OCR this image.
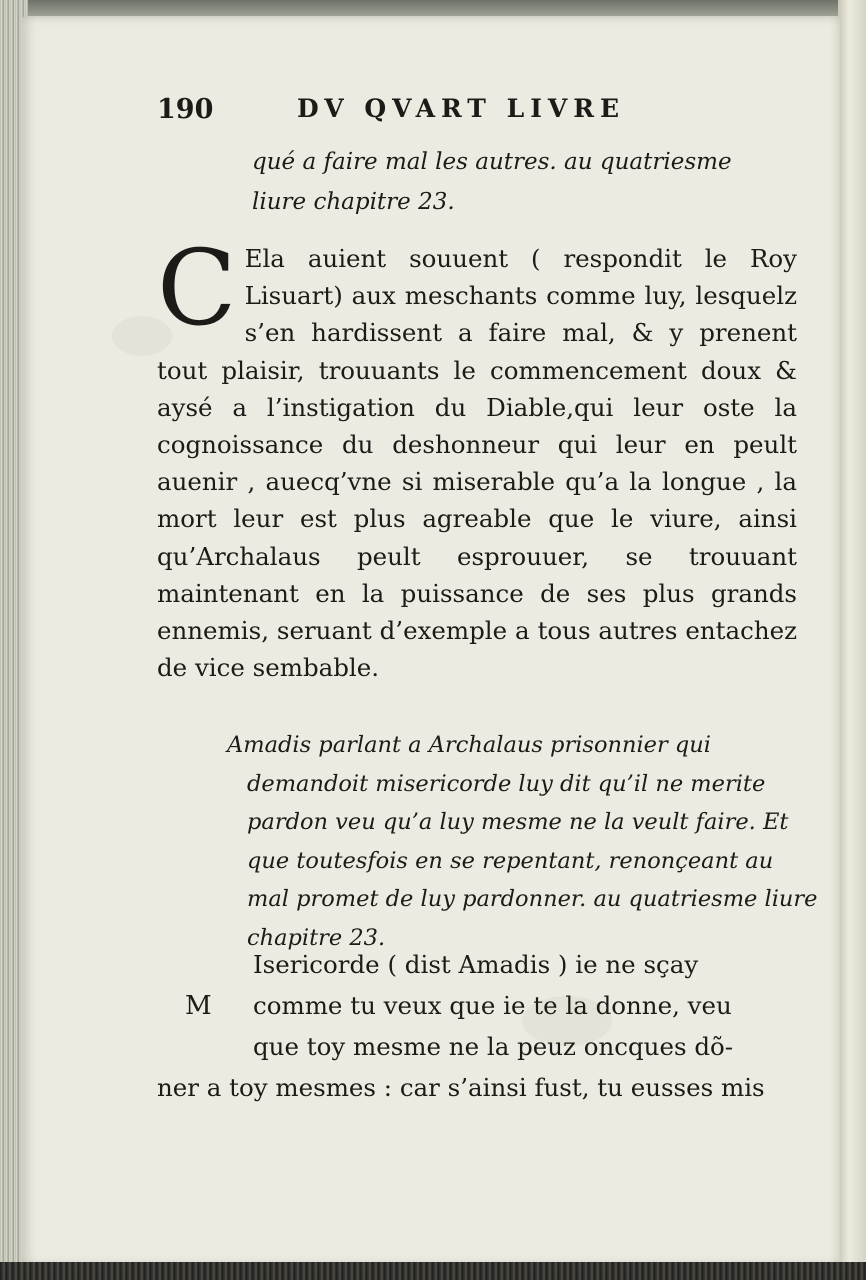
190	DV QVART LIVRE
qué a faire mal les autres. au quatriesme liure chapitre 23.
C Ela auient souuent ( respondit le Roy Lisuart) aux meschants comme luy, lesquelz s’en hardissent a faire mal, & y prenent tout plaisir, trouuants le commencement doux & aysé a l’instigation du Diable,qui leur oste la cognoissance du deshonneur qui leur en peult auenir , auecq’vne si miserable qu’a la longue , la mort leur est plus agreable que le viure, ainsi qu’Archalaus peult esprouuer, se trouuant maintenant en la puissance de ses plus grands ennemis, seruant d’exemple a tous autres entachez de vice sembable.
Amadis parlant a Archalaus prisonnier qui demandoit misericorde luy dit qu’il ne merite pardon veu qu’a luy mesme ne la veult faire. Et que toutesfois en se repentant, renonçeant au mal promet de luy pardonner. au quatriesme liure chapitre 23.
M
Isericorde ( dist Amadis ) ie ne sçay
comme tu veux que ie te la donne, veu
que toy mesme ne la peuz oncques dõ-
ner a toy mesmes : car s’ainsi fust, tu eusses mis
